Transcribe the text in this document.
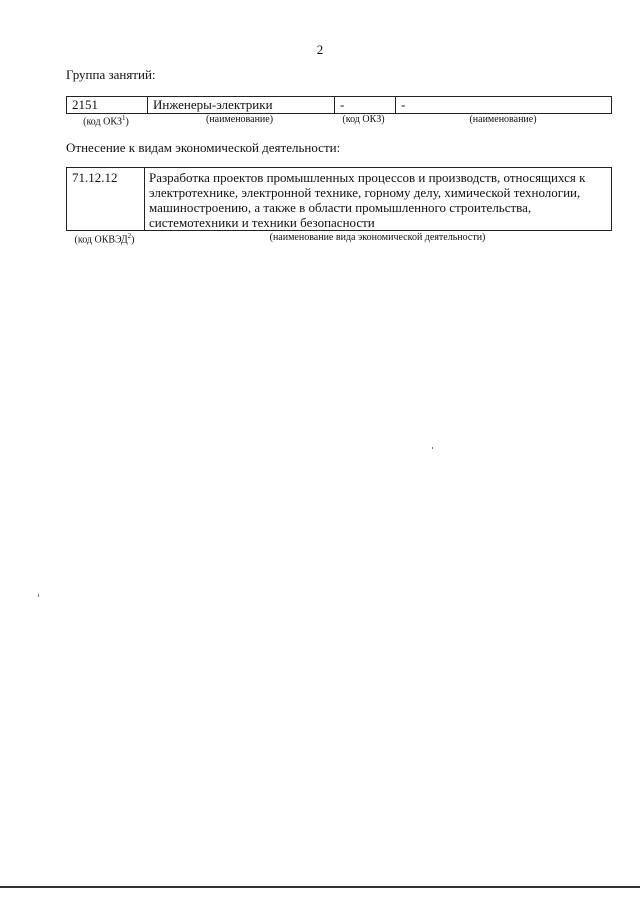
2
Группа занятий:
2151	Инженеры-электрики	-	-
(код ОКЗ$^1$)	(наименование)	(код ОКЗ)	(наименование)
Отнесение к видам экономической деятельности:
71.12.12	Разработка проектов промышленных процессов и производств, относящихся к электротехнике, электронной технике, горному делу, химической технологии, машиностроению, а также в области промышленного строительства, системотехники и техники безопасности
(код ОКВЭД$^2$)	(наименование вида экономической деятельности)
